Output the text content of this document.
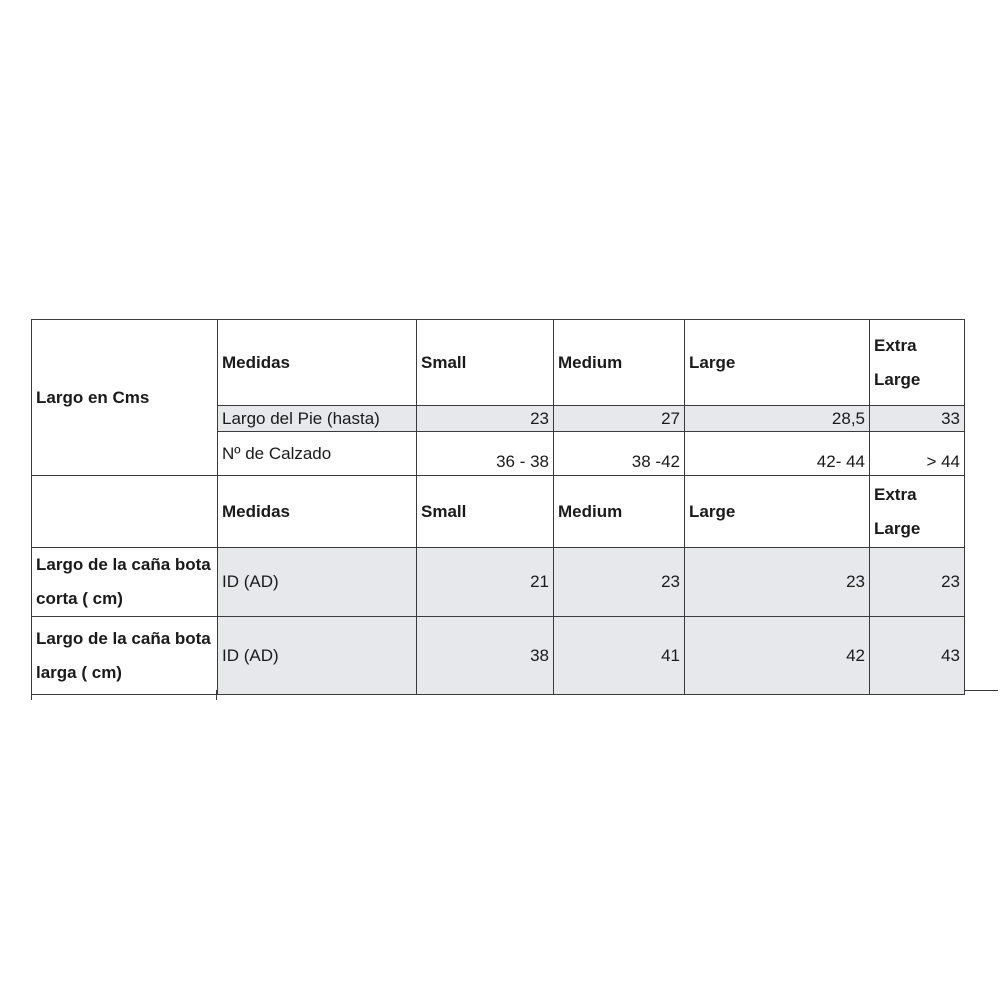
Largo en Cms	Medidas	Small	Medium	Large	Extra Large
	Largo del Pie (hasta)	23	27	28,5	33
	Nº de Calzado	36 - 38	38 -42	42- 44	> 44
	Medidas	Small	Medium	Large	Extra Large
Largo de la caña bota corta ( cm)	ID (AD)	21	23	23	23
Largo de la caña bota larga ( cm)	ID (AD)	38	41	42	43
